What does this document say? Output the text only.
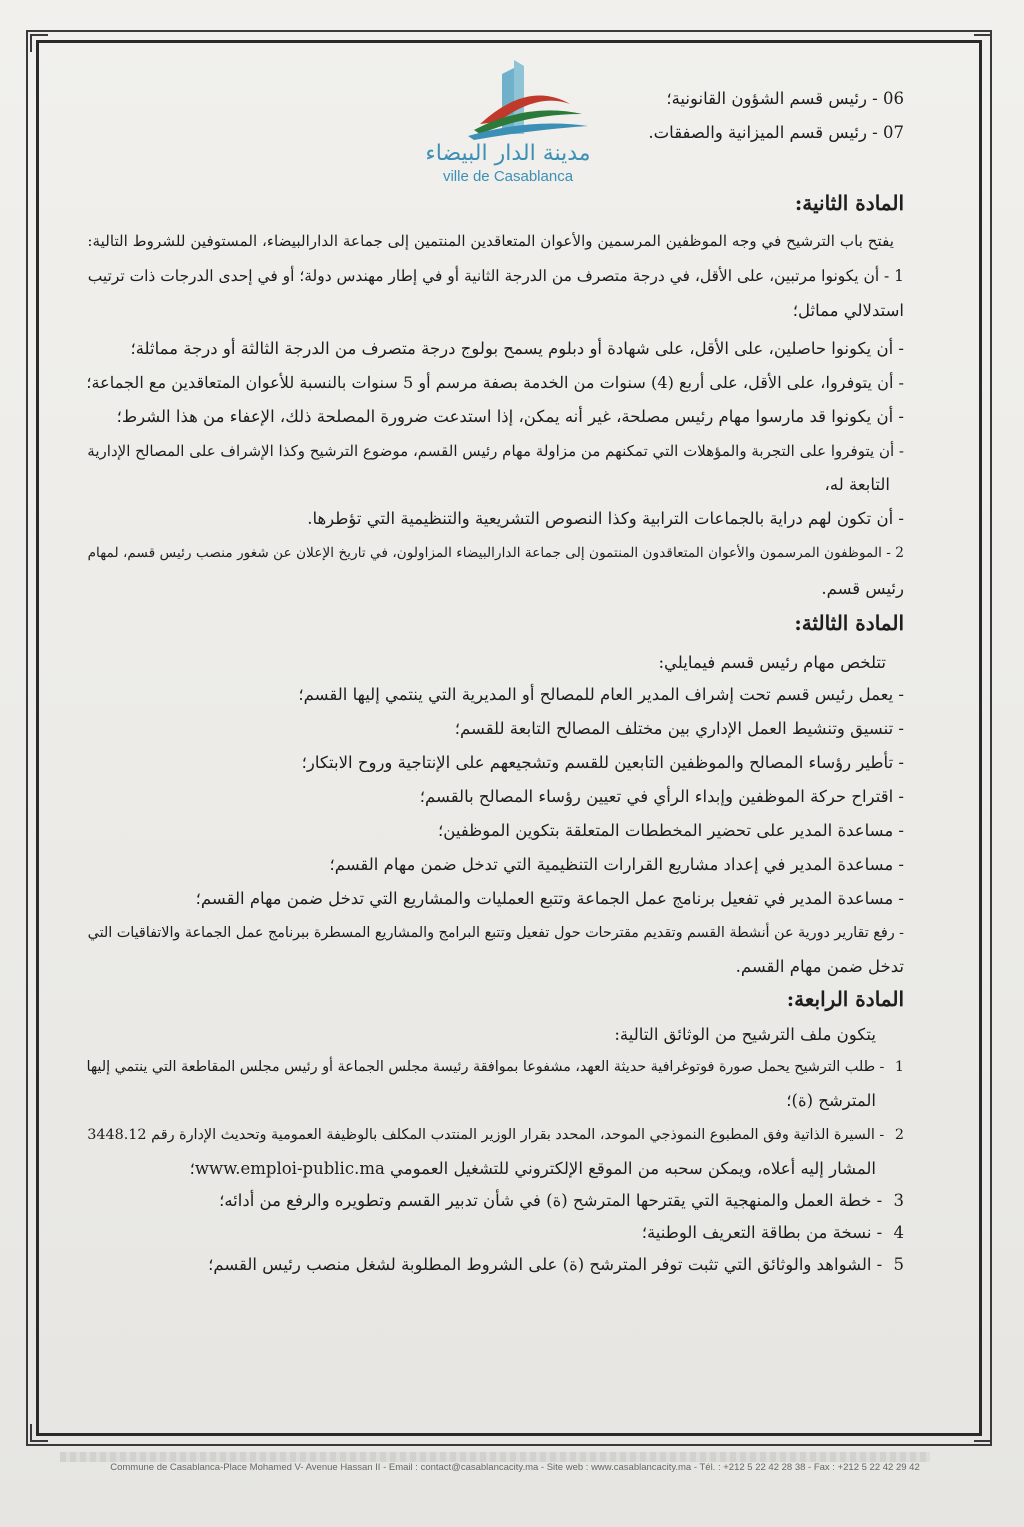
مدينة الدار البيضاء
ville de Casablanca
06 - رئيس قسم الشؤون القانونية؛
07 - رئيس قسم الميزانية والصفقات.
المادة الثانية:
يفتح باب الترشيح في وجه الموظفين المرسمين والأعوان المتعاقدين المنتمين إلى جماعة الدارالبيضاء، المستوفين للشروط التالية:
1 - أن يكونوا مرتبين، على الأقل، في درجة متصرف من الدرجة الثانية أو في إطار مهندس دولة؛ أو في إحدى الدرجات ذات ترتيب
استدلالي مماثل؛
- أن يكونوا حاصلين، على الأقل، على شهادة أو دبلوم يسمح بولوج درجة متصرف من الدرجة الثالثة أو درجة مماثلة؛
- أن يتوفروا، على الأقل، على أربع (4) سنوات من الخدمة بصفة مرسم أو 5 سنوات بالنسبة للأعوان المتعاقدين مع الجماعة؛
- أن يكونوا قد مارسوا مهام رئيس مصلحة، غير أنه يمكن، إذا استدعت ضرورة المصلحة ذلك، الإعفاء من هذا الشرط؛
- أن يتوفروا على التجربة والمؤهلات التي تمكنهم من مزاولة مهام رئيس القسم، موضوع الترشيح وكذا الإشراف على المصالح الإدارية
التابعة له،
- أن تكون لهم دراية بالجماعات الترابية وكذا النصوص التشريعية والتنظيمية التي تؤطرها.
2 - الموظفون المرسمون والأعوان المتعاقدون المنتمون إلى جماعة الدارالبيضاء المزاولون، في تاريخ الإعلان عن شغور منصب رئيس قسم، لمهام
رئيس قسم.
المادة الثالثة:
تتلخص مهام رئيس قسم فيمايلي:
- يعمل رئيس قسم تحت إشراف المدير العام للمصالح أو المديرية التي ينتمي إليها القسم؛
- تنسيق وتنشيط العمل الإداري بين مختلف المصالح التابعة للقسم؛
- تأطير رؤساء المصالح والموظفين التابعين للقسم وتشجيعهم على الإنتاجية وروح الابتكار؛
- اقتراح حركة الموظفين وإبداء الرأي في تعيين رؤساء المصالح بالقسم؛
- مساعدة المدير على تحضير المخططات المتعلقة بتكوين الموظفين؛
- مساعدة المدير في إعداد مشاريع القرارات التنظيمية التي تدخل ضمن مهام القسم؛
- مساعدة المدير في تفعيل برنامج عمل الجماعة وتتبع العمليات والمشاريع التي تدخل ضمن مهام القسم؛
- رفع تقارير دورية عن أنشطة القسم وتقديم مقترحات حول تفعيل وتتبع البرامج والمشاريع المسطرة ببرنامج عمل الجماعة والاتفاقيات التي
تدخل ضمن مهام القسم.
المادة الرابعة:
يتكون ملف الترشيح من الوثائق التالية:
1 - طلب الترشيح يحمل صورة فوتوغرافية حديثة العهد، مشفوعا بموافقة رئيسة مجلس الجماعة أو رئيس مجلس المقاطعة التي ينتمي إليها
المترشح (ة)؛
2 - السيرة الذاتية وفق المطبوع النموذجي الموحد، المحدد بقرار الوزير المنتدب المكلف بالوظيفة العمومية وتحديث الإدارة رقم 3448.12
المشار إليه أعلاه، ويمكن سحبه من الموقع الإلكتروني للتشغيل العمومي www.emploi-public.ma؛
3 - خطة العمل والمنهجية التي يقترحها المترشح (ة) في شأن تدبير القسم وتطويره والرفع من أدائه؛
4 - نسخة من بطاقة التعريف الوطنية؛
5 - الشواهد والوثائق التي تثبت توفر المترشح (ة) على الشروط المطلوبة لشغل منصب رئيس القسم؛
Commune de Casablanca-Place Mohamed V- Avenue Hassan II - Email : contact@casablancacity.ma - Site web : www.casablancacity.ma - Tél. : +212 5 22 42 28 38 - Fax : +212 5 22 42 29 42
